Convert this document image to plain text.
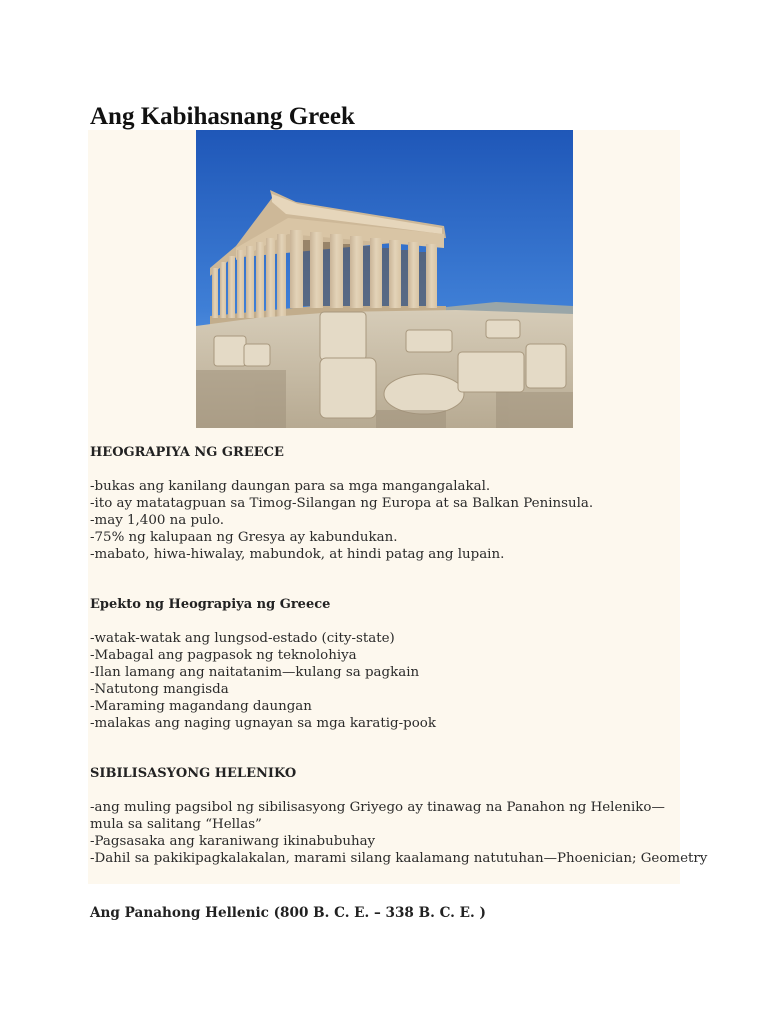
Ang Kabihasnang Greek
HEOGRAPIYA NG GREECE
-bukas ang kanilang daungan para sa mga mangangalakal.
-ito ay matatagpuan sa Timog-Silangan ng Europa at sa Balkan Peninsula.
-may 1,400 na pulo.
-75% ng kalupaan ng Gresya ay kabundukan.
-mabato, hiwa-hiwalay, mabundok, at hindi patag ang lupain.
Epekto ng Heograpiya ng Greece
-watak-watak ang lungsod-estado (city-state)
-Mabagal ang pagpasok ng teknolohiya
-Ilan lamang ang naitatanim—kulang sa pagkain
-Natutong mangisda
-Maraming magandang daungan
-malakas ang naging ugnayan sa mga karatig-pook
SIBILISASYONG HELENIKO
-ang muling pagsibol ng sibilisasyong Griyego ay tinawag na Panahon ng Heleniko—mula sa salitang “Hellas”
-Pagsasaka ang karaniwang ikinabubuhay
-Dahil sa pakikipagkalakalan, marami silang kaalamang natutuhan—Phoenician; Geometry
Ang Panahong Hellenic (800 B. C. E. – 338 B. C. E. )
